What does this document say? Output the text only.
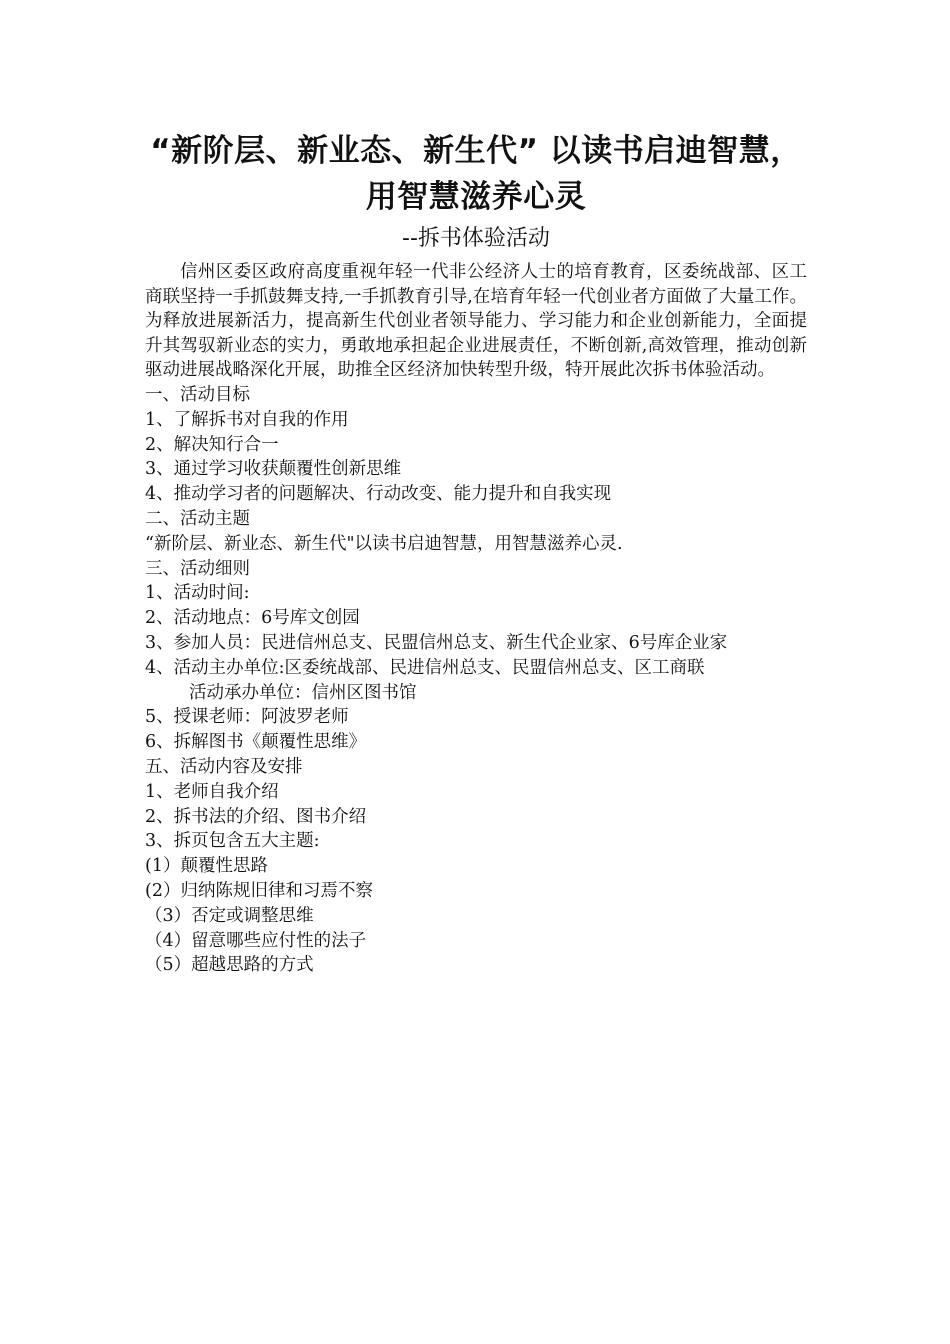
“新阶层、新业态、新生代” 以读书启迪智慧，用智慧滋养心灵
--拆书体验活动

信州区委区政府高度重视年轻一代非公经济人士的培育教育，区委统战部、区工商联坚持一手抓鼓舞支持,一手抓教育引导,在培育年轻一代创业者方面做了大量工作。为释放进展新活力，提高新生代创业者领导能力、学习能力和企业创新能力，全面提升其驾驭新业态的实力，勇敢地承担起企业进展责任，不断创新,高效管理，推动创新驱动进展战略深化开展，助推全区经济加快转型升级，特开展此次拆书体验活动。

一、活动目标

1、了解拆书对自我的作用

2、解决知行合一

3、通过学习收获颠覆性创新思维

4、推动学习者的问题解决、行动改变、能力提升和自我实现

二、活动主题

“新阶层、新业态、新生代"以读书启迪智慧，用智慧滋养心灵.

三、活动细则

1、活动时间:

2、活动地点：6号库文创园

3、参加人员：民进信州总支、民盟信州总支、新生代企业家、6号库企业家

4、活动主办单位:区委统战部、民进信州总支、民盟信州总支、区工商联

活动承办单位：信州区图书馆

5、授课老师：阿波罗老师

6、拆解图书《颠覆性思维》

五、活动内容及安排

1、老师自我介绍

2、拆书法的介绍、图书介绍

3、拆页包含五大主题:

(1）颠覆性思路

(2）归纳陈规旧律和习焉不察

（3）否定或调整思维

（4）留意哪些应付性的法子

（5）超越思路的方式
